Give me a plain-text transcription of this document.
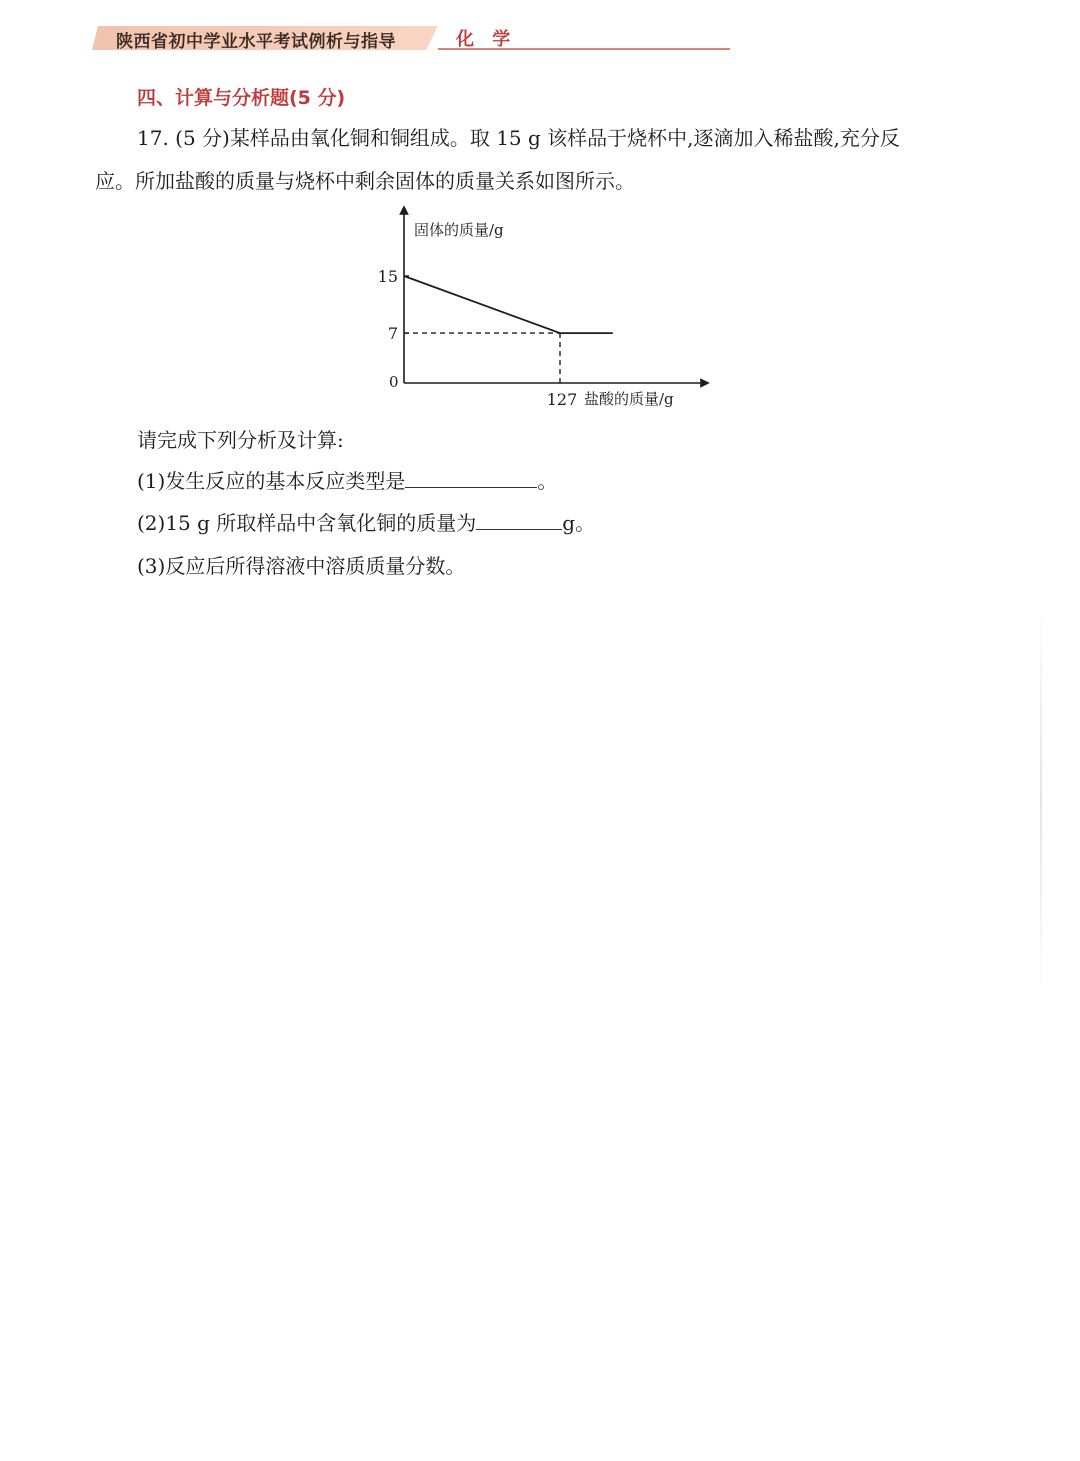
陕西省初中学业水平考试例析与指导	化 学
四、计算与分析题(5 分)
17. (5 分)某样品由氧化铜和铜组成。取 15 g 该样品于烧杯中,逐滴加入稀盐酸,充分反
应。所加盐酸的质量与烧杯中剩余固体的质量关系如图所示。
固体的质量/g
盐酸的质量/g
0
15
7
127
请完成下列分析及计算:
(1)发生反应的基本反应类型是	。
(2)15 g 所取样品中含氧化铜的质量为	g。
(3)反应后所得溶液中溶质质量分数。
